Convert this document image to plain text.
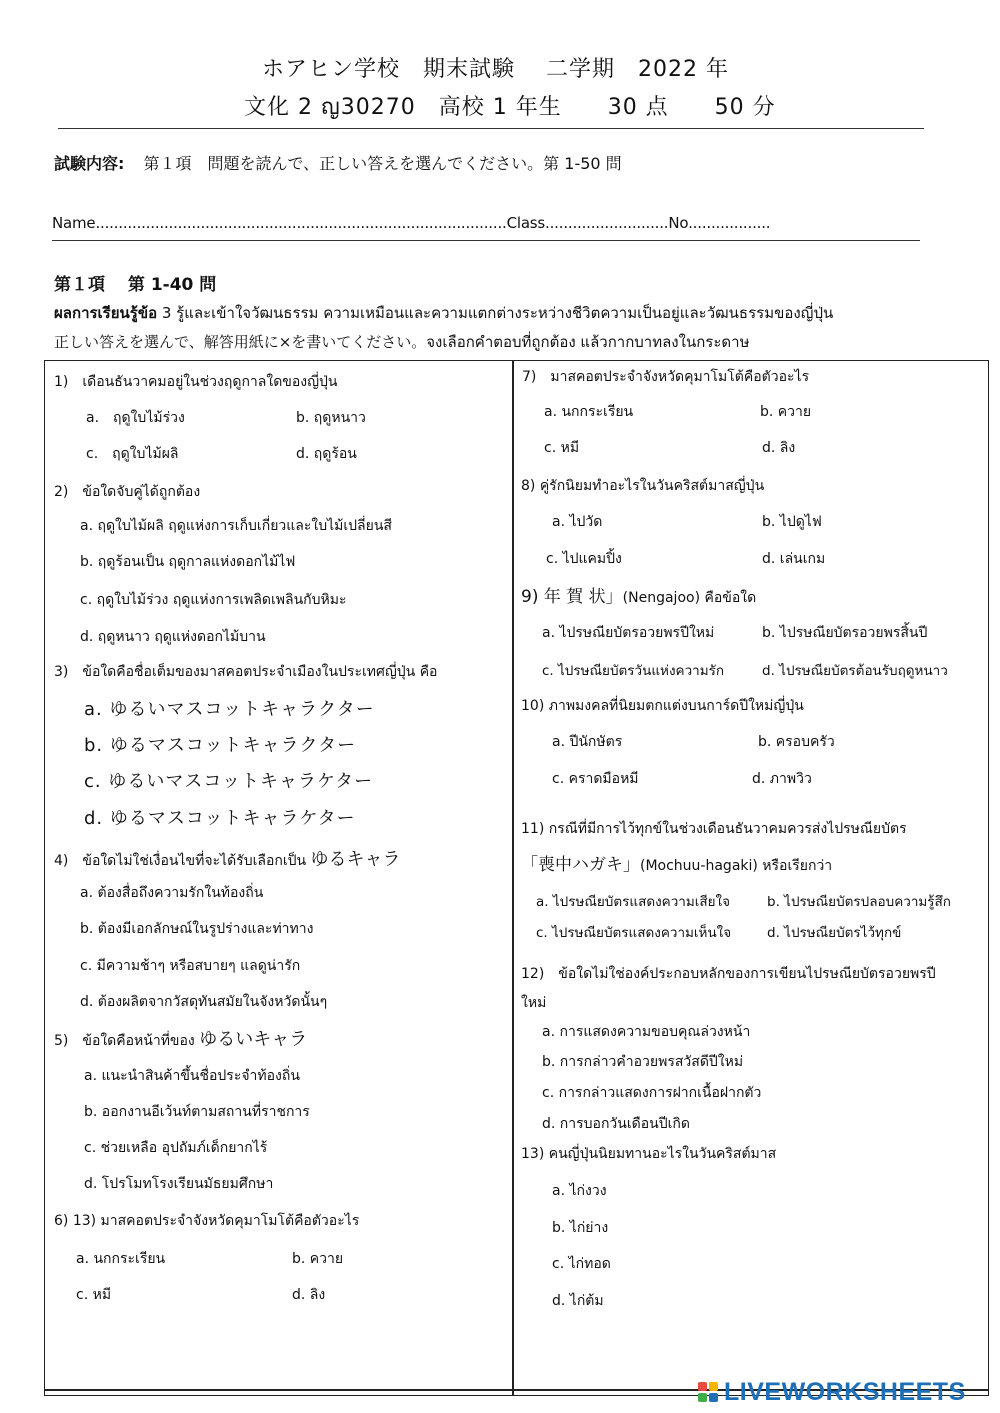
ホアヒン学校　期末試験　 二学期　2022 年
文化 2 ญ30270　高校 1 年生　　30 点　　50 分
試験内容: 第１項　問題を読んで、正しい答えを選んでください。第 1-50 問
Name..........................................................................................Class...........................No..................
第１項　 第 1-40 問
ผลการเรียนรู้ข้อ 3 รู้และเข้าใจวัฒนธรรม ความเหมือนและความแตกต่างระหว่างชีวิตความเป็นอยู่และวัฒนธรรมของญี่ปุ่น
正しい答えを選んで、解答用紙に×を書いてください。จงเลือกคำตอบที่ถูกต้อง แล้วกากบาทลงในกระดาษ
1)　เดือนธันวาคมอยู่ในช่วงฤดูกาลใดของญี่ปุ่น
a.　ฤดูใบไม้ร่วง	b. ฤดูหนาว
c.　ฤดูใบไม้ผลิ	d. ฤดูร้อน
2)　ข้อใดจับคู่ได้ถูกต้อง
a. ฤดูใบไม้ผลิ ฤดูแห่งการเก็บเกี่ยวและใบไม้เปลี่ยนสี
b. ฤดูร้อนเป็น ฤดูกาลแห่งดอกไม้ไฟ
c. ฤดูใบไม้ร่วง ฤดูแห่งการเพลิดเพลินกับหิมะ
d. ฤดูหนาว ฤดูแห่งดอกไม้บาน
3)　ข้อใดคือชื่อเต็มของมาสคอตประจำเมืองในประเทศญี่ปุ่น คือ
a. ゆるいマスコットキャラクター
b. ゆるマスコットキャラクター
c. ゆるいマスコットキャラケター
d. ゆるマスコットキャラケター
4)　ข้อใดไม่ใช่เงื่อนไขที่จะได้รับเลือกเป็น ゆるキャラ
a. ต้องสื่อถึงความรักในท้องถิ่น
b. ต้องมีเอกลักษณ์ในรูปร่างและท่าทาง
c. มีความช้าๆ หรือสบายๆ แลดูน่ารัก
d. ต้องผลิตจากวัสดุทันสมัยในจังหวัดนั้นๆ
5)　ข้อใดคือหน้าที่ของ ゆるいキャラ
a. แนะนำสินค้าขึ้นชื่อประจำท้องถิ่น
b. ออกงานอีเว้นท์ตามสถานที่ราชการ
c. ช่วยเหลือ อุปถัมภ์เด็กยากไร้
d. โปรโมทโรงเรียนมัธยมศึกษา
6) 13) มาสคอตประจำจังหวัดคุมาโมโต้คือตัวอะไร
a. นกกระเรียน	b. ควาย
c. หมี	d. ลิง
7)　มาสคอตประจำจังหวัดคุมาโมโต้คือตัวอะไร
a. นกกระเรียน	b. ควาย
c. หมี	d. ลิง
8) คู่รักนิยมทำอะไรในวันคริสต์มาสญี่ปุ่น
a. ไปวัด	b. ไปดูไฟ
c. ไปแคมปิ้ง	d. เล่นเกม
9) 年 賀 状」(Nengajoo) คือข้อใด
a. ไปรษณียบัตรอวยพรปีใหม่	b. ไปรษณียบัตรอวยพรสิ้นปี
c. ไปรษณียบัตรวันแห่งความรัก	d. ไปรษณียบัตรต้อนรับฤดูหนาว
10) ภาพมงคลที่นิยมตกแต่งบนการ์ดปีใหม่ญี่ปุ่น
a. ปีนักษัตร	b. ครอบครัว
c. คราดมือหมี	d. ภาพวิว
11) กรณีที่มีการไว้ทุกข์ในช่วงเดือนธันวาคมควรส่งไปรษณียบัตร
「喪中ハガキ」(Mochuu-hagaki) หรือเรียกว่า
a. ไปรษณียบัตรแสดงความเสียใจ	b. ไปรษณียบัตรปลอบความรู้สึก
c. ไปรษณียบัตรแสดงความเห็นใจ	d. ไปรษณียบัตรไว้ทุกข์
12)　ข้อใดไม่ใช่องค์ประกอบหลักของการเขียนไปรษณียบัตรอวยพรปี
ใหม่
a. การแสดงความขอบคุณล่วงหน้า
b. การกล่าวคำอวยพรสวัสดีปีใหม่
c. การกล่าวแสดงการฝากเนื้อฝากตัว
d. การบอกวันเดือนปีเกิด
13) คนญี่ปุ่นนิยมทานอะไรในวันคริสต์มาส
a. ไก่งวง
b. ไก่ย่าง
c. ไก่ทอด
d. ไก่ต้ม
LIVEWORKSHEETS
